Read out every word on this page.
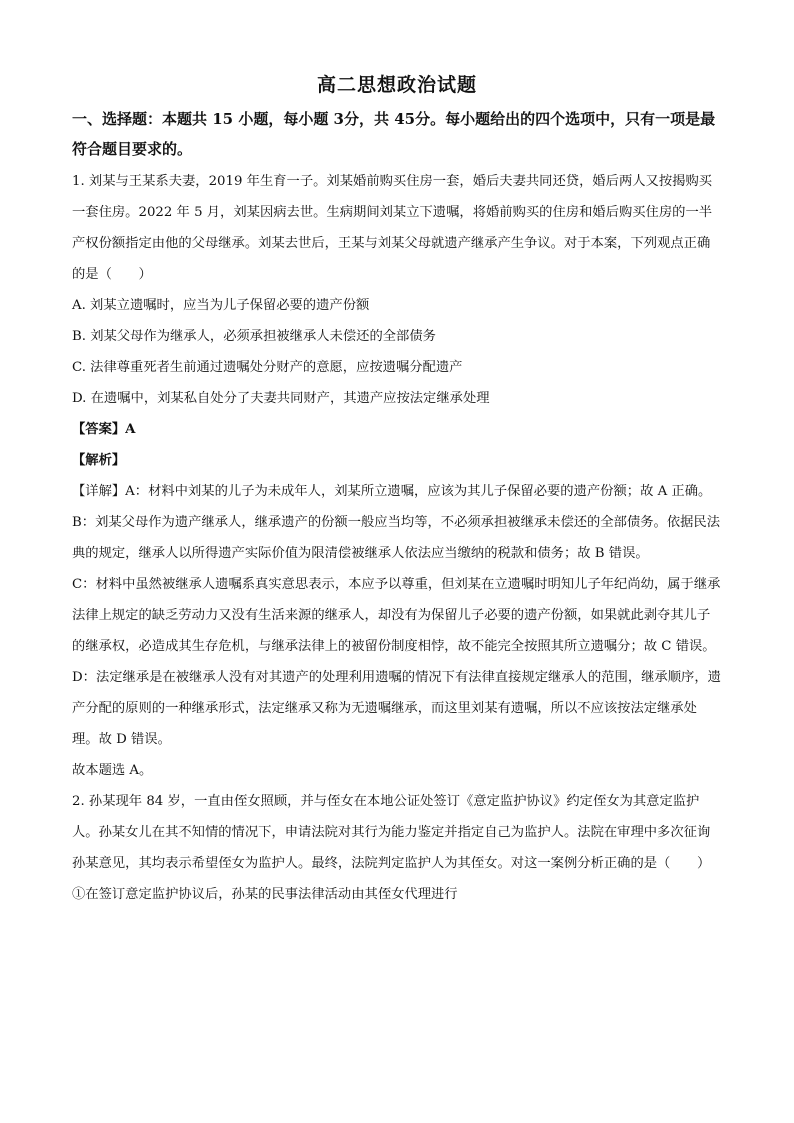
高二思想政治试题

一、选择题：本题共 15 小题，每小题 3分，共 45分。每小题给出的四个选项中，只有一项是最符合题目要求的。

1. 刘某与王某系夫妻，2019 年生育一子。刘某婚前购买住房一套，婚后夫妻共同还贷，婚后两人又按揭购买一套住房。2022 年 5 月，刘某因病去世。生病期间刘某立下遗嘱，将婚前购买的住房和婚后购买住房的一半产权份额指定由他的父母继承。刘某去世后，王某与刘某父母就遗产继承产生争议。对于本案，下列观点正确的是（　　）

A. 刘某立遗嘱时，应当为儿子保留必要的遗产份额

B. 刘某父母作为继承人，必须承担被继承人未偿还的全部债务

C. 法律尊重死者生前通过遗嘱处分财产的意愿，应按遗嘱分配遗产

D. 在遗嘱中，刘某私自处分了夫妻共同财产，其遗产应按法定继承处理

【答案】A

【解析】

【详解】A：材料中刘某的儿子为未成年人，刘某所立遗嘱，应该为其儿子保留必要的遗产份额；故 A 正确。

B：刘某父母作为遗产继承人，继承遗产的份额一般应当均等，不必须承担被继承未偿还的全部债务。依据民法典的规定，继承人以所得遗产实际价值为限清偿被继承人依法应当缴纳的税款和债务；故 B 错误。

C：材料中虽然被继承人遗嘱系真实意思表示，本应予以尊重，但刘某在立遗嘱时明知儿子年纪尚幼，属于继承法律上规定的缺乏劳动力又没有生活来源的继承人，却没有为保留儿子必要的遗产份额，如果就此剥夺其儿子的继承权，必造成其生存危机，与继承法律上的被留份制度相悖，故不能完全按照其所立遗嘱分；故 C 错误。

D：法定继承是在被继承人没有对其遗产的处理利用遗嘱的情况下有法律直接规定继承人的范围，继承顺序，遗产分配的原则的一种继承形式，法定继承又称为无遗嘱继承，而这里刘某有遗嘱，所以不应该按法定继承处理。故 D 错误。

故本题选 A。

2. 孙某现年 84 岁，一直由侄女照顾，并与侄女在本地公证处签订《意定监护协议》约定侄女为其意定监护人。孙某女儿在其不知情的情况下，申请法院对其行为能力鉴定并指定自己为监护人。法院在审理中多次征询孙某意见，其均表示希望侄女为监护人。最终，法院判定监护人为其侄女。对这一案例分析正确的是（　　）

①在签订意定监护协议后，孙某的民事法律活动由其侄女代理进行
